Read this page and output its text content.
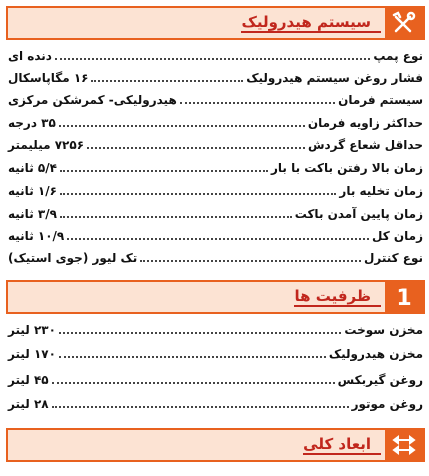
سیستم هیدرولیک
نوع پمپ
دنده ای
فشار روغن سیستم هیدرولیک
۱۶ مگاپاسکال
سیستم فرمان
هیدرولیکی- کمرشکن مرکزی
حداکثر زاویه فرمان
۳۵ درجه
حداقل شعاع گردش
۷۲۵۶ میلیمتر
زمان بالا رفتن باکت با بار
۵/۴ ثانیه
زمان تخلیه بار
۱/۶ ثانیه
زمان پایین آمدن باکت
۳/۹ ثانیه
زمان کل
۱۰/۹ ثانیه
نوع کنترل
تک لیور (جوی استیک)
1
ظرفیت ها
مخزن سوخت
۲۳۰ لیتر
مخزن هیدرولیک
۱۷۰ لیتر
روغن گیربکس
۴۵ لیتر
روغن موتور
۲۸ لیتر
ابعاد کلی
